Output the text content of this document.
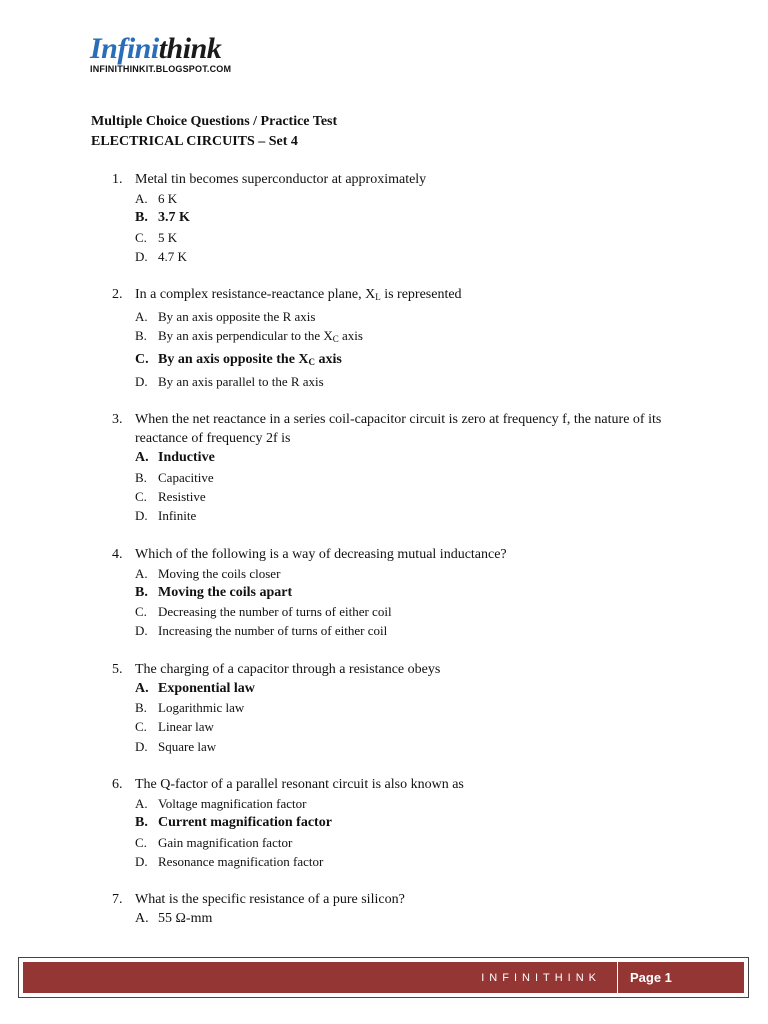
Infinithink
INFINITHINKIT.BLOGSPOT.COM
Multiple Choice Questions / Practice Test
ELECTRICAL CIRCUITS – Set 4
1. Metal tin becomes superconductor at approximately
A. 6 K
B. 3.7 K
C. 5 K
D. 4.7 K
2. In a complex resistance-reactance plane, $X_L$ is represented
A. By an axis opposite the R axis
B. By an axis perpendicular to the $X_C$ axis
C. By an axis opposite the $X_C$ axis
D. By an axis parallel to the R axis
3. When the net reactance in a series coil-capacitor circuit is zero at frequency f, the nature of its reactance of frequency 2f is
A. Inductive
B. Capacitive
C. Resistive
D. Infinite
4. Which of the following is a way of decreasing mutual inductance?
A. Moving the coils closer
B. Moving the coils apart
C. Decreasing the number of turns of either coil
D. Increasing the number of turns of either coil
5. The charging of a capacitor through a resistance obeys
A. Exponential law
B. Logarithmic law
C. Linear law
D. Square law
6. The Q-factor of a parallel resonant circuit is also known as
A. Voltage magnification factor
B. Current magnification factor
C. Gain magnification factor
D. Resonance magnification factor
7. What is the specific resistance of a pure silicon?
A. 55 Ω-mm
INFINITHINK	Page 1
